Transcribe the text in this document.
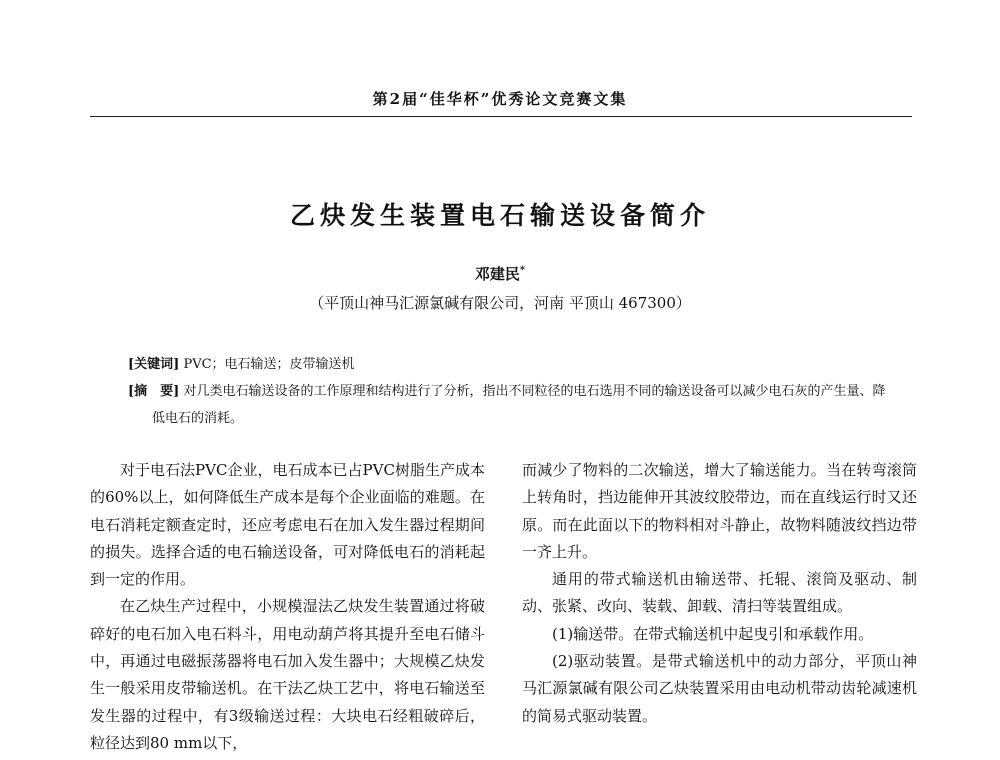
第2届“佳华杯”优秀论文竞赛文集
乙炔发生装置电石输送设备简介
邓建民*
（平顶山神马汇源氯碱有限公司，河南 平顶山 467300）
[关键词] PVC；电石输送；皮带输送机
[摘　要] 对几类电石输送设备的工作原理和结构进行了分析，指出不同粒径的电石选用不同的输送设备可以减少电石灰的产生量、降低电石的消耗。

对于电石法PVC企业，电石成本已占PVC树脂生产成本的60%以上，如何降低生产成本是每个企业面临的难题。在电石消耗定额查定时，还应考虑电石在加入发生器过程期间的损失。选择合适的电石输送设备，可对降低电石的消耗起到一定的作用。

在乙炔生产过程中，小规模湿法乙炔发生装置通过将破碎好的电石加入电石料斗，用电动葫芦将其提升至电石储斗中，再通过电磁振荡器将电石加入发生器中；大规模乙炔发生一般采用皮带输送机。在干法乙炔工艺中，将电石输送至发生器的过程中，有3级输送过程：大块电石经粗破碎后，粒径达到80 mm以下，

而减少了物料的二次输送，增大了输送能力。当在转弯滚筒上转角时，挡边能伸开其波纹胶带边，而在直线运行时又还原。而在此面以下的物料相对斗静止，故物料随波纹挡边带一齐上升。

通用的带式输送机由输送带、托辊、滚筒及驱动、制动、张紧、改向、装载、卸载、清扫等装置组成。

(1)输送带。在带式输送机中起曳引和承载作用。

(2)驱动装置。是带式输送机中的动力部分，平顶山神马汇源氯碱有限公司乙炔装置采用由电动机带动齿轮减速机的简易式驱动装置。
